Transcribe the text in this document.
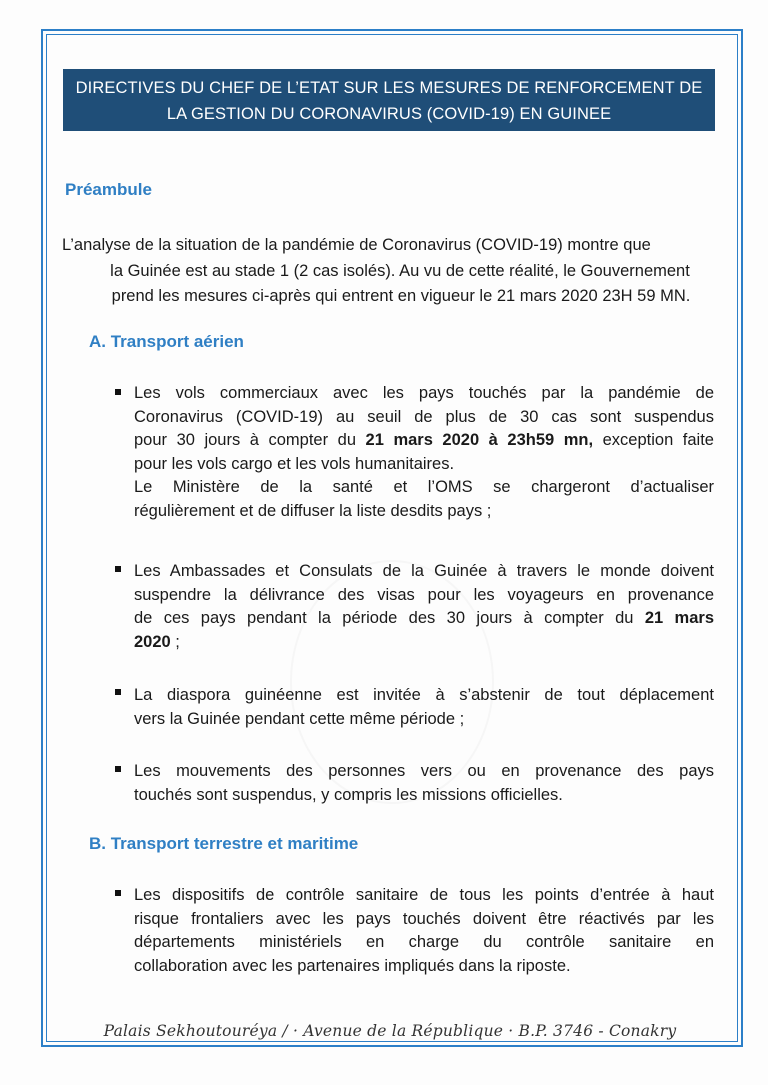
DIRECTIVES DU CHEF DE L’ETAT SUR LES MESURES DE RENFORCEMENT DE
LA GESTION DU CORONAVIRUS (COVID-19) EN GUINEE
Préambule
L’analyse de la situation de la pandémie de Coronavirus (COVID-19) montre que
la Guinée est au stade 1 (2 cas isolés). Au vu de cette réalité, le Gouvernement
prend les mesures ci-après qui entrent en vigueur le 21 mars 2020 23H 59 MN.
A. Transport aérien
Les vols commerciaux avec les pays touchés par la pandémie de
Coronavirus (COVID-19) au seuil de plus de 30 cas sont suspendus
pour 30 jours à compter du 21 mars 2020 à 23h59 mn, exception faite
pour les vols cargo et les vols humanitaires.
Le Ministère de la santé et l’OMS se chargeront d’actualiser
régulièrement et de diffuser la liste desdits pays ;
Les Ambassades et Consulats de la Guinée à travers le monde doivent
suspendre la délivrance des visas pour les voyageurs en provenance
de ces pays pendant la période des 30 jours à compter du 21 mars
2020 ;
La diaspora guinéenne est invitée à s’abstenir de tout déplacement
vers la Guinée pendant cette même période ;
Les mouvements des personnes vers ou en provenance des pays
touchés sont suspendus, y compris les missions officielles.
B. Transport terrestre et maritime
Les dispositifs de contrôle sanitaire de tous les points d’entrée à haut
risque frontaliers avec les pays touchés doivent être réactivés par les
départements ministériels en charge du contrôle sanitaire en
collaboration avec les partenaires impliqués dans la riposte.
Palais Sekhoutouréya / · Avenue de la République · B.P. 3746 - Conakry
